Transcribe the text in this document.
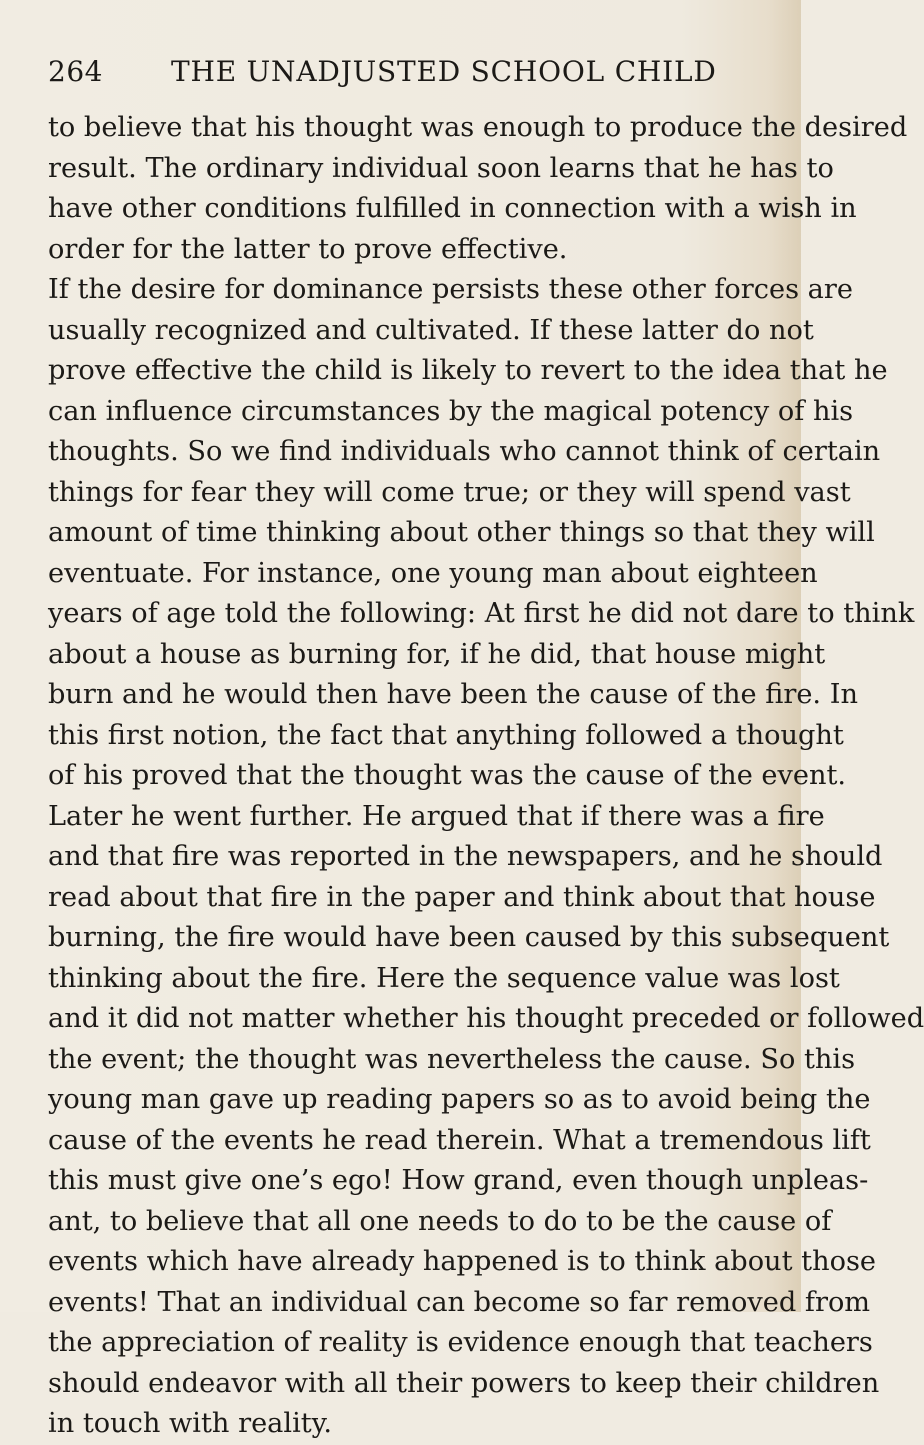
264 THE UNADJUSTED SCHOOL CHILD
to believe that his thought was enough to produce the desired
result. The ordinary individual soon learns that he has to
have other conditions fulfilled in connection with a wish in
order for the latter to prove effective.
If the desire for dominance persists these other forces are
usually recognized and cultivated. If these latter do not
prove effective the child is likely to revert to the idea that he
can influence circumstances by the magical potency of his
thoughts. So we find individuals who cannot think of certain
things for fear they will come true; or they will spend vast
amount of time thinking about other things so that they will
eventuate. For instance, one young man about eighteen
years of age told the following: At first he did not dare to think
about a house as burning for, if he did, that house might
burn and he would then have been the cause of the fire. In
this first notion, the fact that anything followed a thought
of his proved that the thought was the cause of the event.
Later he went further. He argued that if there was a fire
and that fire was reported in the newspapers, and he should
read about that fire in the paper and think about that house
burning, the fire would have been caused by this subsequent
thinking about the fire. Here the sequence value was lost
and it did not matter whether his thought preceded or followed
the event; the thought was nevertheless the cause. So this
young man gave up reading papers so as to avoid being the
cause of the events he read therein. What a tremendous lift
this must give one’s ego! How grand, even though unpleas-
ant, to believe that all one needs to do to be the cause of
events which have already happened is to think about those
events! That an individual can become so far removed from
the appreciation of reality is evidence enough that teachers
should endeavor with all their powers to keep their children
in touch with reality.
